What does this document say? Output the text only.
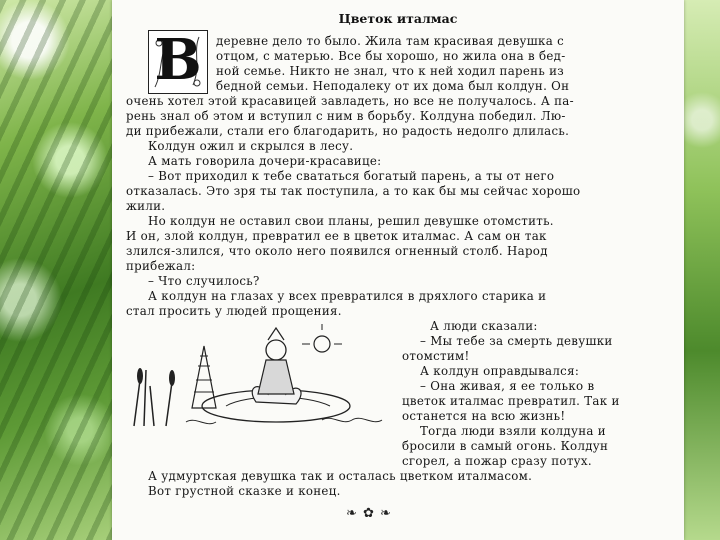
Цветок италмас
В	деревне дело то было. Жила там красивая девушка с
отцом, с матерью. Все бы хорошо, но жила она в бед-
ной семье. Никто не знал, что к ней ходил парень из
бедной семьи. Неподалеку от их дома был колдун. Он
очень хотел этой красавицей завладеть, но все не получалось. А па-
рень знал об этом и вступил с ним в борьбу. Колдуна победил. Лю-
ди прибежали, стали его благодарить, но радость недолго длилась.
Колдун ожил и скрылся в лесу.
А мать говорила дочери-красавице:
– Вот приходил к тебе свататься богатый парень, а ты от него
отказалась. Это зря ты так поступила, а то как бы мы сейчас хорошо
жили.
Но колдун не оставил свои планы, решил девушке отомстить.
И он, злой колдун, превратил ее в цветок италмас. А сам он так
злился-злился, что около него появился огненный столб. Народ
прибежал:
– Что случилось?
А колдун на глазах у всех превратился в дряхлого старика и
стал просить у людей прощения.
А люди сказали:
– Мы тебе за смерть девушки
отомстим!
А колдун оправдывался:
– Она живая, я ее только в
цветок италмас превратил. Так и
останется на всю жизнь!
Тогда люди взяли колдуна и
бросили в самый огонь. Колдун
сгорел, а пожар сразу потух.
А удмуртская девушка так и осталась цветком италмасом.
Вот грустной сказке и конец.
❧ ✿ ❧
